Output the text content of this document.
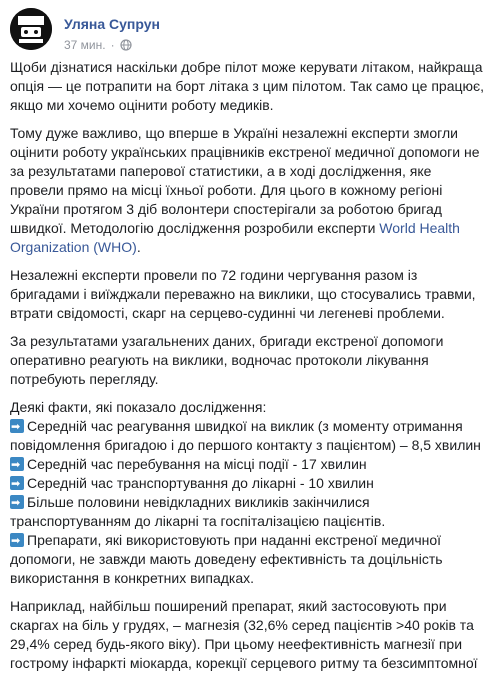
Уляна Супрун
37 мин. ·

Щоби дізнатися наскільки добре пілот може керувати літаком, найкраща опція — це потрапити на борт літака з цим пілотом. Так само це працює, якщо ми хочемо оцінити роботу медиків.

Тому дуже важливо, що вперше в Україні незалежні експерти змогли оцінити роботу українських працівників екстреної медичної допомоги не за результатами паперової статистики, а в ході дослідження, яке провели прямо на місці їхньої роботи. Для цього в кожному регіоні України протягом 3 діб волонтери спостерігали за роботою бригад швидкої. Методологію дослідження розробили експерти World Health Organization (WHO).

Незалежні експерти провели по 72 години чергування разом із бригадами і виїжджали переважно на виклики, що стосувались травми, втрати свідомості, скарг на серцево-судинні чи легеневі проблеми.

За результатами узагальнених даних, бригади екстреної допомоги оперативно реагують на виклики, водночас протоколи лікування потребують перегляду.

Деякі факти, які показало дослідження:
➡Середній час реагування швидкої на виклик (з моменту отримання повідомлення бригадою і до першого контакту з пацієнтом) – 8,5 хвилин
➡Середній час перебування на місці події - 17 хвилин
➡Середній час транспортування до лікарні - 10 хвилин
➡Більше половини невідкладних викликів закінчилися транспортуванням до лікарні та госпіталізацією пацієнтів.
➡Препарати, які використовують при наданні екстреної медичної допомоги, не завжди мають доведену ефективність та доцільність використання в конкретних випадках.

Наприклад, найбільш поширений препарат, який застосовують при скаргах на біль у грудях, – магнезія (32,6% серед пацієнтів >40 років та 29,4% серед будь-якого віку). При цьому неефективність магнезії при гострому інфаркті міокарда, корекції серцевого ритму та безсимптомної
